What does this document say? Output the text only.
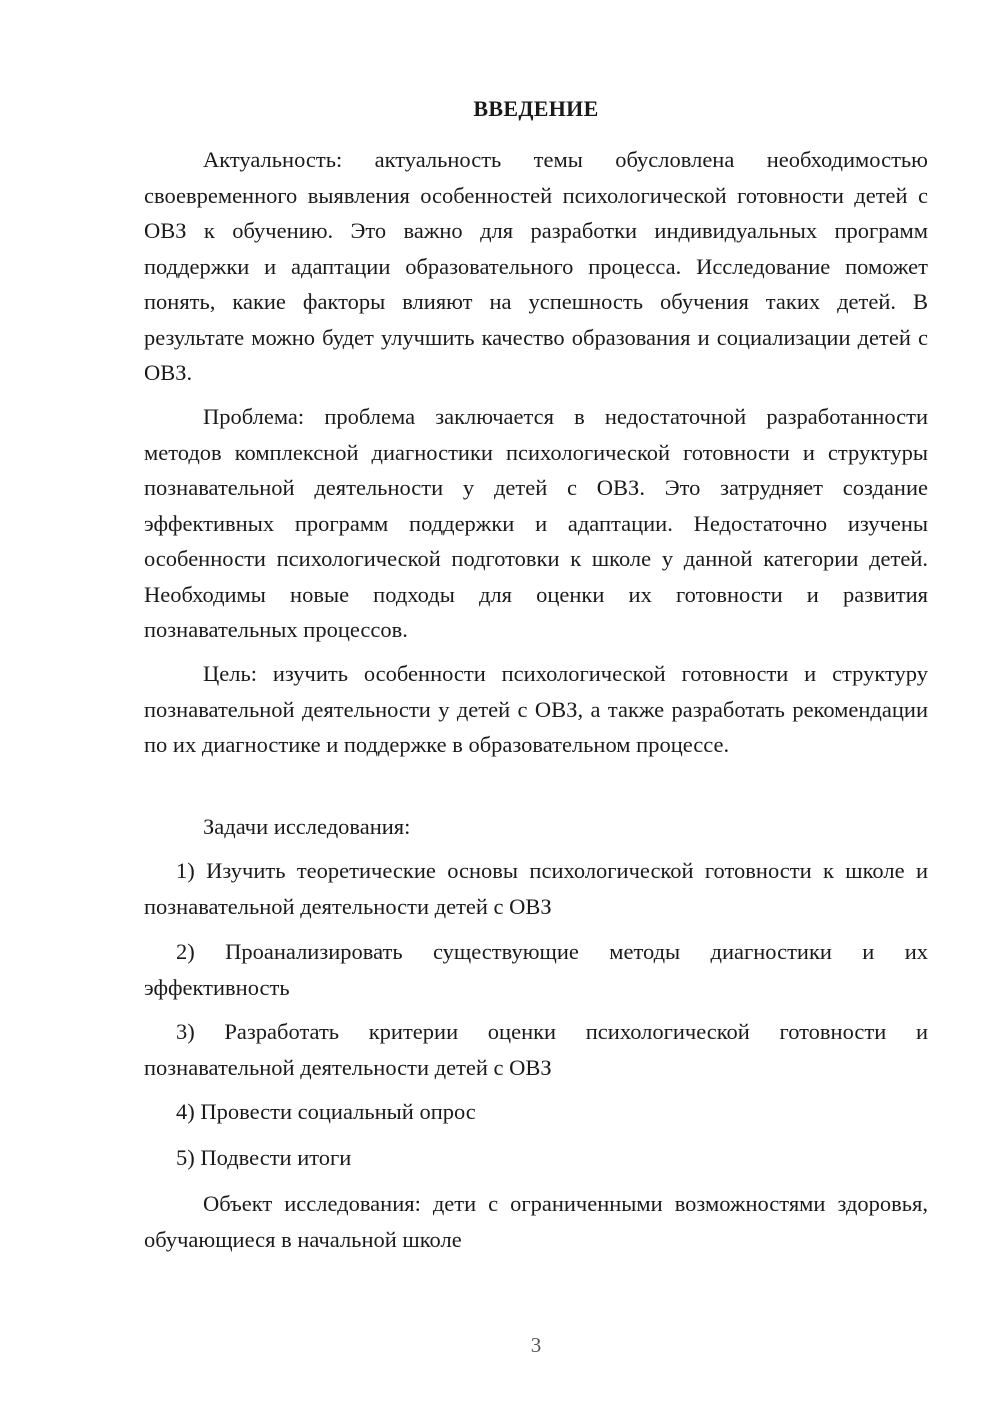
ВВЕДЕНИЕ

Актуальность: актуальность темы обусловлена необходимостью своевременного выявления особенностей психологической готовности детей с ОВЗ к обучению. Это важно для разработки индивидуальных программ поддержки и адаптации образовательного процесса. Исследование поможет понять, какие факторы влияют на успешность обучения таких детей. В результате можно будет улучшить качество образования и социализации детей с ОВЗ.

Проблема: проблема заключается в недостаточной разработанности методов комплексной диагностики психологической готовности и структуры познавательной деятельности у детей с ОВЗ. Это затрудняет создание эффективных программ поддержки и адаптации. Недостаточно изучены особенности психологической подготовки к школе у данной категории детей. Необходимы новые подходы для оценки их готовности и развития познавательных процессов.

Цель: изучить особенности психологической готовности и структуру познавательной деятельности у детей с ОВЗ, а также разработать рекомендации по их диагностике и поддержке в образовательном процессе.

Задачи исследования:

1) Изучить теоретические основы психологической готовности к школе и познавательной деятельности детей с ОВЗ

2) Проанализировать существующие методы диагностики и их эффективность

3) Разработать критерии оценки психологической готовности и познавательной деятельности детей с ОВЗ

4) Провести социальный опрос

5) Подвести итоги

Объект исследования: дети с ограниченными возможностями здоровья, обучающиеся в начальной школе

3
